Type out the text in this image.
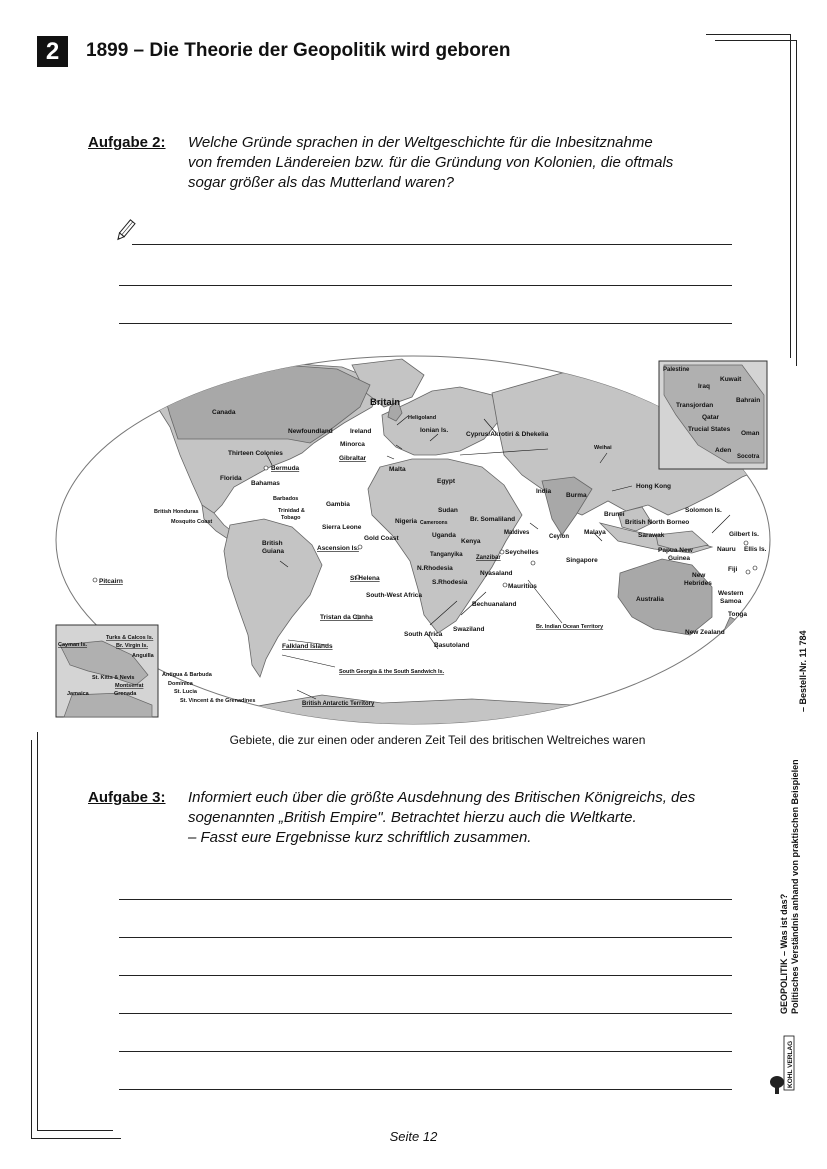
2	1899 – Die Theorie der Geopolitik wird geboren
Aufgabe 2: Welche Gründe sprachen in der Weltgeschichte für die Inbesitznahme
von fremden Ländereien bzw. für die Gründung von Kolonien, die oftmals
sogar größer als das Mutterland waren?
Britain
Canada
Newfoundland	Ireland
Heligoland
Ionian Is.
Cyprus/Akrotiri & Dhekelia
Minorca
Gibraltar
Malta
Egypt
Thirteen Colonies
Bermuda
Florida
Bahamas
Barbados
Trinidad &
Tobago
British Honduras
Mosquito Coast
British
Guiana
Gambia
Sierra Leone
Nigeria Cameroons
Gold Coast
Sudan
Br. Somaliland
Uganda
Kenya
Tanganyika Zanzibar
Seychelles
Maldives
Ascension Is.
St Helena
N.Rhodesia
S.Rhodesia
Nyasaland
Mauritius
South-West Africa
Bechuanaland
Tristan da Cunha
South Africa
Swaziland
Basutoland
Falkland Islands
South Georgia & the South Sandwich Is.
British Antarctic Territory
Pitcairn
India
Burma
Ceylon
Hong Kong
Weihai
Brunei
British North Borneo
Sarawak
Malaya
Singapore
Br. Indian Ocean Territory
Solomon Is.
Gilbert Is.
Nauru Ellis Is.
Fiji
Papua New
Guinea
New
Hebrides
Western
Samoa
Tonga
Australia
New Zealand
Palestine
Iraq
Kuwait
Transjordan
Bahrain
Qatar
Trucial States
Oman
Aden
Socotra
Cayman Is.
Turks & Calcos Is.
Br. Virgin Is.
Anguilla
Antigua & Barbuda
St. Kitts & Nevis
Dominica
Montserrat
St. Lucia
Grenada
St. Vincent & the Grenadines
Jamaica
Gebiete, die zur einen oder anderen Zeit Teil des britischen Weltreiches waren
Aufgabe 3: Informiert euch über die größte Ausdehnung des Britischen Königreichs, des
sogenannten „British Empire". Betrachtet hierzu auch die Weltkarte.
– Fasst eure Ergebnisse kurz schriftlich zusammen.
– Bestell-Nr. 11 784
GEOPOLITIK – Was ist das? Politisches Verständnis anhand von praktischen Beispielen
KOHL VERLAG
Seite 12
